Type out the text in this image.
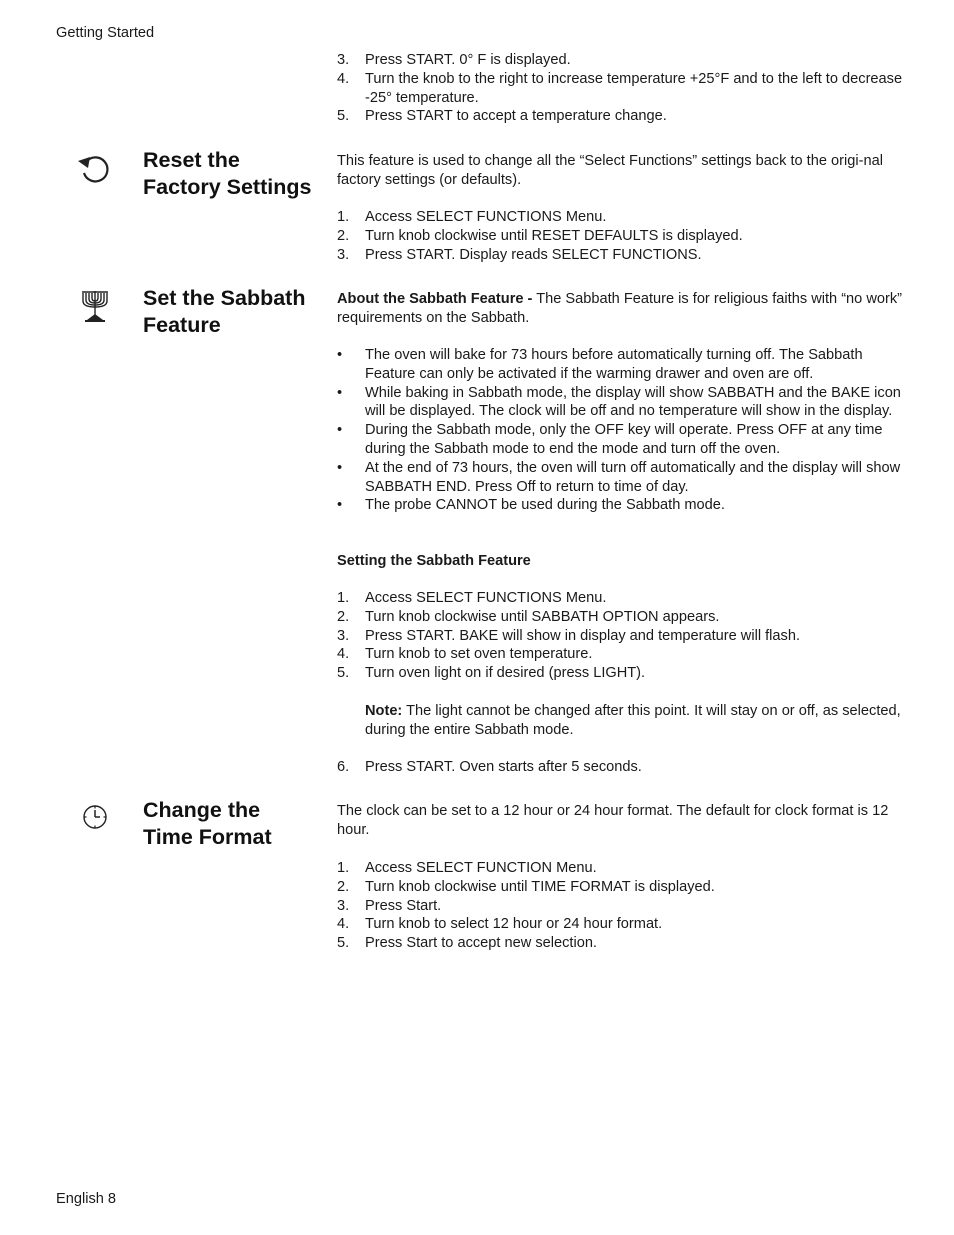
Getting Started
3. Press START. 0° F is displayed.
4. Turn the knob to the right to increase temperature +25°F and to the left to decrease -25° temperature.
5. Press START to accept a temperature change.
Reset the
Factory Settings

This feature is used to change all the “Select Functions” settings back to the origi-nal factory settings (or defaults).

1. Access SELECT FUNCTIONS Menu.
2. Turn knob clockwise until RESET DEFAULTS is displayed.
3. Press START. Display reads SELECT FUNCTIONS.
Set the Sabbath
Feature

About the Sabbath Feature - The Sabbath Feature is for religious faiths with “no work” requirements on the Sabbath.

• The oven will bake for 73 hours before automatically turning off. The Sabbath Feature can only be activated if the warming drawer and oven are off.
• While baking in Sabbath mode, the display will show SABBATH and the BAKE icon will be displayed. The clock will be off and no temperature will show in the display.
• During the Sabbath mode, only the OFF key will operate. Press OFF at any time during the Sabbath mode to end the mode and turn off the oven.
• At the end of 73 hours, the oven will turn off automatically and the display will show SABBATH END. Press Off to return to time of day.
• The probe CANNOT be used during the Sabbath mode.

Setting the Sabbath Feature

1. Access SELECT FUNCTIONS Menu.
2. Turn knob clockwise until SABBATH OPTION appears.
3. Press START. BAKE will show in display and temperature will flash.
4. Turn knob to set oven temperature.
5. Turn oven light on if desired (press LIGHT).

Note: The light cannot be changed after this point. It will stay on or off, as selected, during the entire Sabbath mode.

6. Press START. Oven starts after 5 seconds.
Change the
Time Format

The clock can be set to a 12 hour or 24 hour format. The default for clock format is 12 hour.

1. Access SELECT FUNCTION Menu.
2. Turn knob clockwise until TIME FORMAT is displayed.
3. Press Start.
4. Turn knob to select 12 hour or 24 hour format.
5. Press Start to accept new selection.
English 8
